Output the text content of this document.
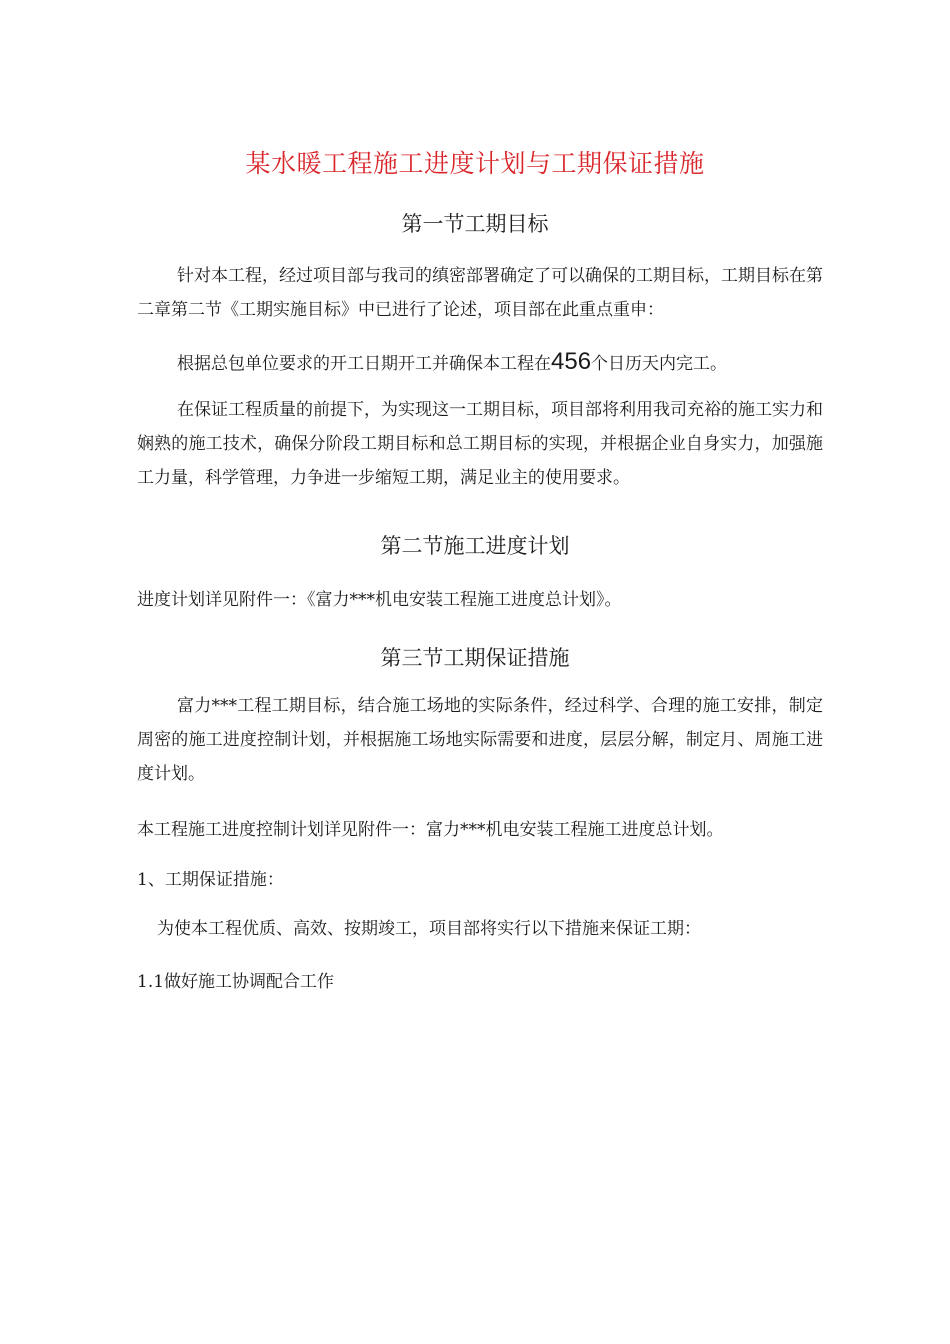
某水暖工程施工进度计划与工期保证措施
第一节工期目标
针对本工程，经过项目部与我司的缜密部署确定了可以确保的工期目标，工期目标在第二章第二节《工期实施目标》中已进行了论述，项目部在此重点重申：
根据总包单位要求的开工日期开工并确保本工程在456个日历天内完工。
在保证工程质量的前提下，为实现这一工期目标，项目部将利用我司充裕的施工实力和娴熟的施工技术，确保分阶段工期目标和总工期目标的实现，并根据企业自身实力，加强施工力量，科学管理，力争进一步缩短工期，满足业主的使用要求。
第二节施工进度计划
进度计划详见附件一：《富力***机电安装工程施工进度总计划》。
第三节工期保证措施
富力***工程工期目标，结合施工场地的实际条件，经过科学、合理的施工安排，制定周密的施工进度控制计划，并根据施工场地实际需要和进度，层层分解，制定月、周施工进度计划。
本工程施工进度控制计划详见附件一：富力***机电安装工程施工进度总计划。
1、工期保证措施：
为使本工程优质、高效、按期竣工，项目部将实行以下措施来保证工期：
1.1做好施工协调配合工作
